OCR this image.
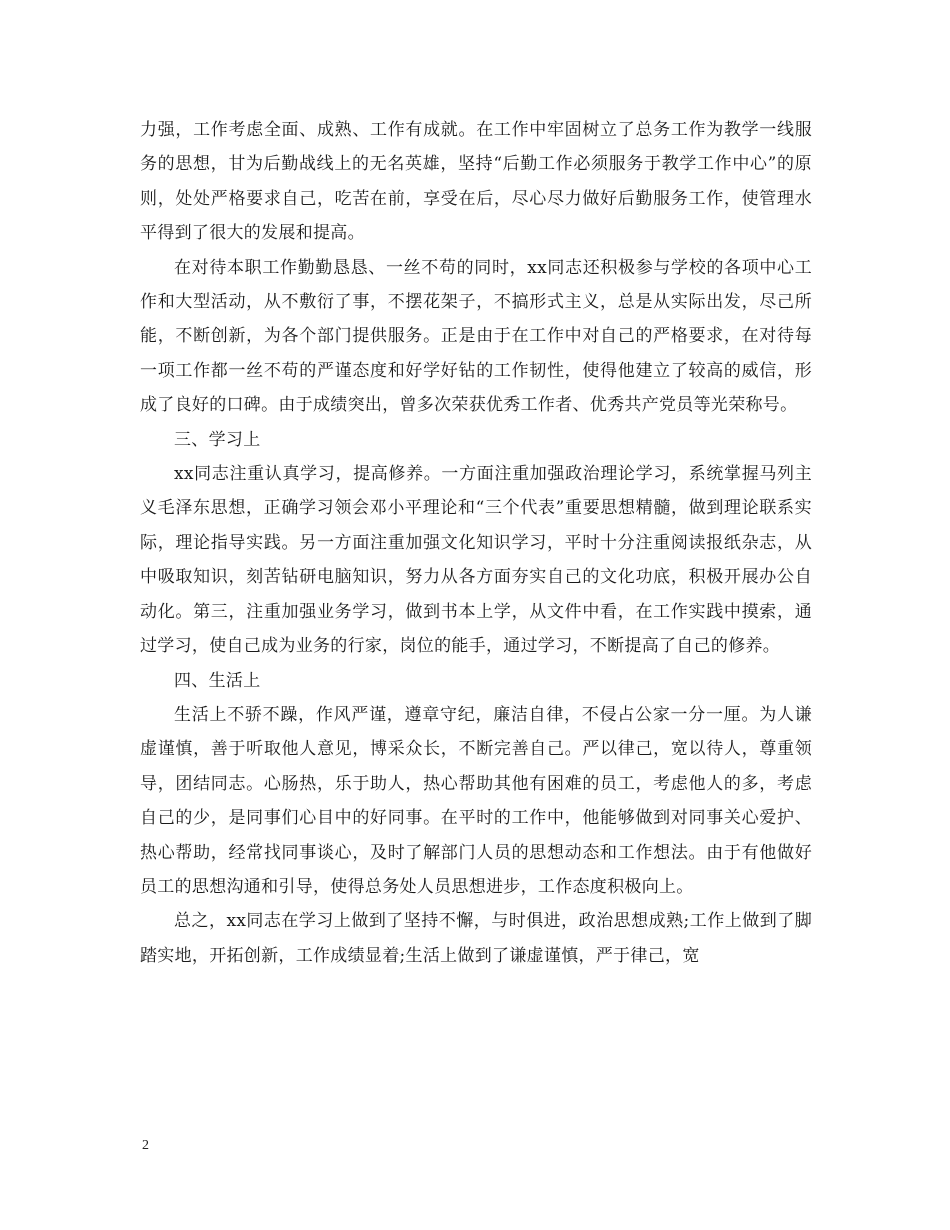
力强，工作考虑全面、成熟、工作有成就。在工作中牢固树立了总务工作为教学一线服务的思想，甘为后勤战线上的无名英雄，坚持“后勤工作必须服务于教学工作中心”的原则，处处严格要求自己，吃苦在前，享受在后，尽心尽力做好后勤服务工作，使管理水平得到了很大的发展和提高。

在对待本职工作勤勤恳恳、一丝不苟的同时，xx同志还积极参与学校的各项中心工作和大型活动，从不敷衍了事，不摆花架子，不搞形式主义，总是从实际出发，尽己所能，不断创新，为各个部门提供服务。正是由于在工作中对自己的严格要求，在对待每一项工作都一丝不苟的严谨态度和好学好钻的工作韧性，使得他建立了较高的威信，形成了良好的口碑。由于成绩突出，曾多次荣获优秀工作者、优秀共产党员等光荣称号。

三、学习上

xx同志注重认真学习，提高修养。一方面注重加强政治理论学习，系统掌握马列主义毛泽东思想，正确学习领会邓小平理论和“三个代表”重要思想精髓，做到理论联系实际，理论指导实践。另一方面注重加强文化知识学习，平时十分注重阅读报纸杂志，从中吸取知识，刻苦钻研电脑知识，努力从各方面夯实自己的文化功底，积极开展办公自动化。第三，注重加强业务学习，做到书本上学，从文件中看，在工作实践中摸索，通过学习，使自己成为业务的行家，岗位的能手，通过学习，不断提高了自己的修养。

四、生活上

生活上不骄不躁，作风严谨，遵章守纪，廉洁自律，不侵占公家一分一厘。为人谦虚谨慎，善于听取他人意见，博采众长，不断完善自己。严以律己，宽以待人，尊重领导，团结同志。心肠热，乐于助人，热心帮助其他有困难的员工，考虑他人的多，考虑自己的少，是同事们心目中的好同事。在平时的工作中，他能够做到对同事关心爱护、热心帮助，经常找同事谈心，及时了解部门人员的思想动态和工作想法。由于有他做好员工的思想沟通和引导，使得总务处人员思想进步，工作态度积极向上。

总之，xx同志在学习上做到了坚持不懈，与时俱进，政治思想成熟;工作上做到了脚踏实地，开拓创新，工作成绩显着;生活上做到了谦虚谨慎，严于律己，宽

2
